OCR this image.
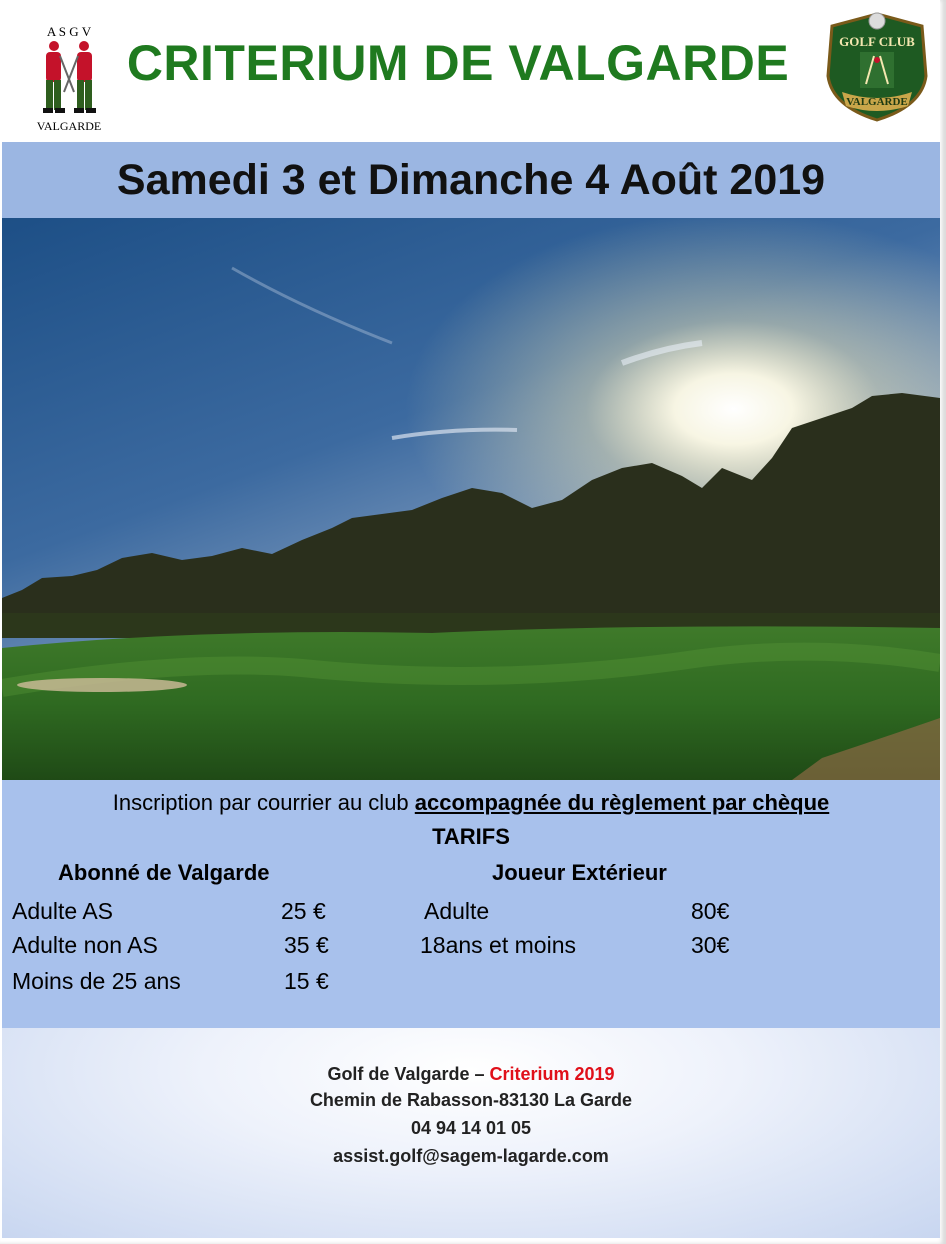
A S G V
VALGARDE
CRITERIUM DE VALGARDE	GOLF CLUB
VALGARDE
Samedi 3 et Dimanche 4 Août 2019
Inscription par courrier au club accompagnée du règlement par chèque
TARIFS
Abonné de Valgarde	Joueur Extérieur
Adulte AS	25 €
Adulte non AS	35 €
Moins de 25 ans	15 €
Adulte	80€
18ans et moins	30€
Golf de Valgarde – Criterium 2019
Chemin de Rabasson-83130 La Garde
04 94 14 01 05
assist.golf@sagem-lagarde.com
